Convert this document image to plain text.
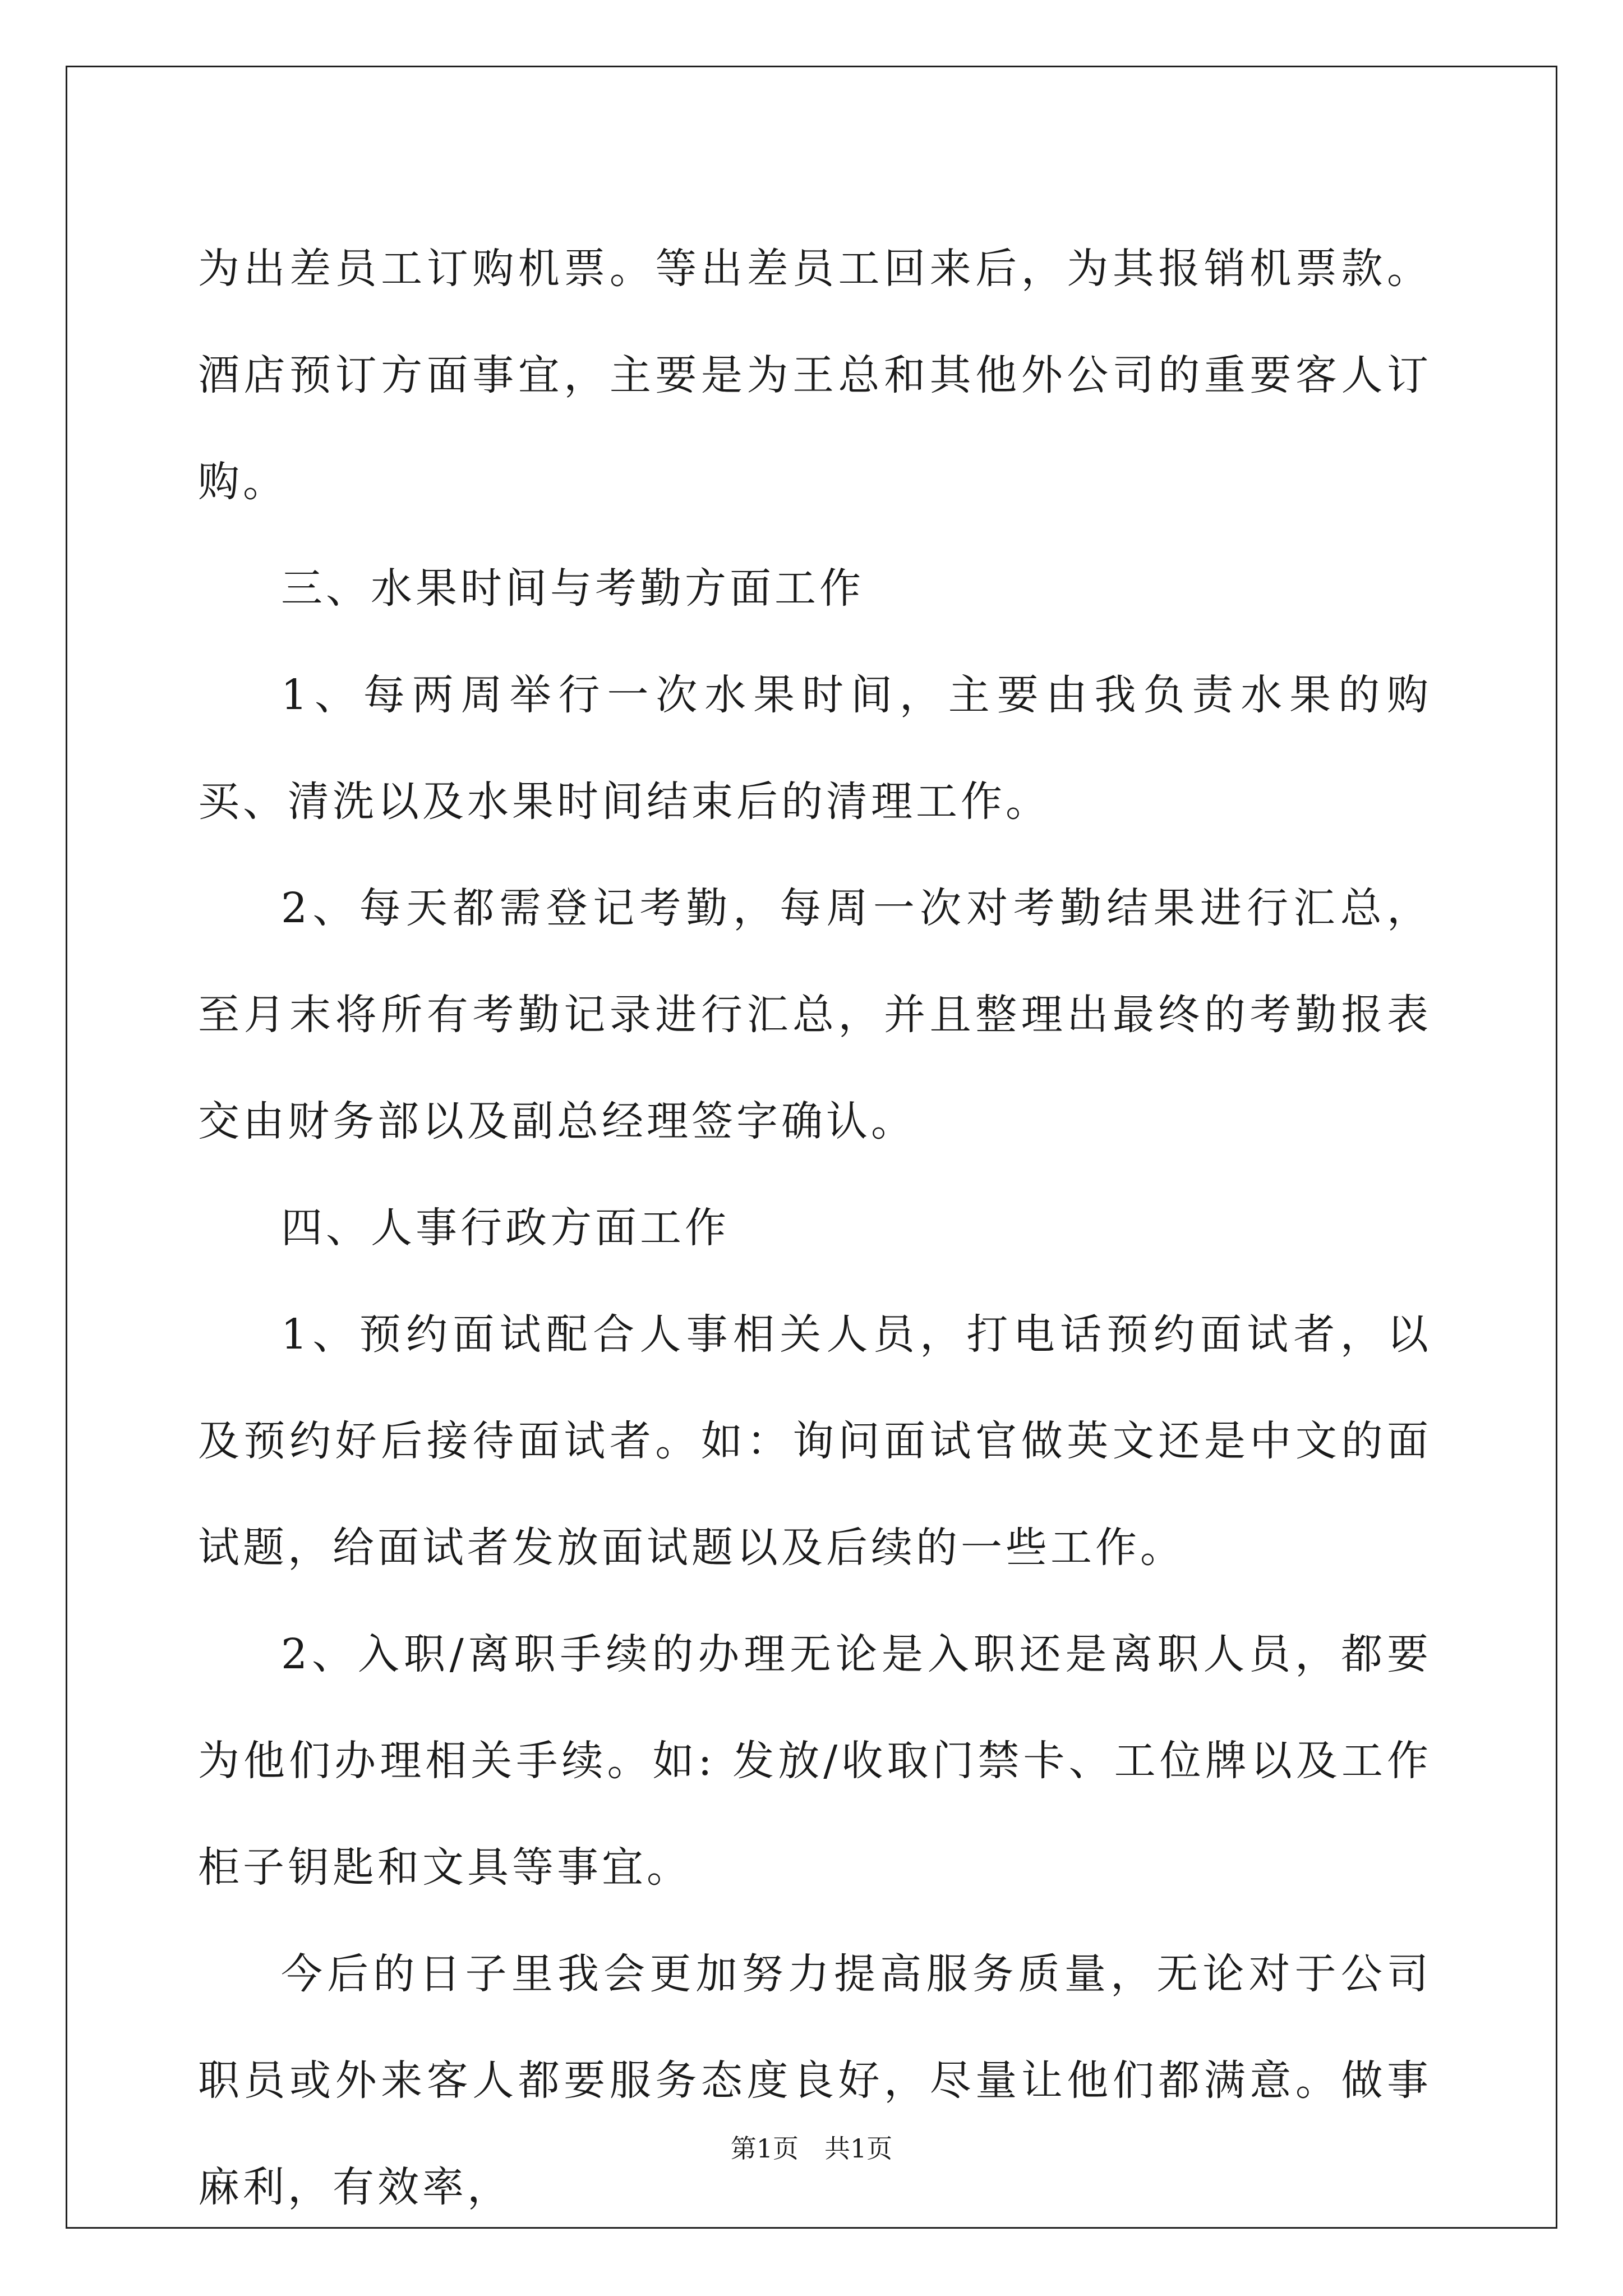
为出差员工订购机票。等出差员工回来后，为其报销机票款。酒店预订方面事宜，主要是为王总和其他外公司的重要客人订购。

三、水果时间与考勤方面工作

1、每两周举行一次水果时间，主要由我负责水果的购买、清洗以及水果时间结束后的清理工作。

2、每天都需登记考勤，每周一次对考勤结果进行汇总，至月末将所有考勤记录进行汇总，并且整理出最终的考勤报表交由财务部以及副总经理签字确认。

四、人事行政方面工作

1、预约面试配合人事相关人员，打电话预约面试者，以及预约好后接待面试者。如：询问面试官做英文还是中文的面试题，给面试者发放面试题以及后续的一些工作。

2、入职/离职手续的办理无论是入职还是离职人员，都要为他们办理相关手续。如: 发放/收取门禁卡、工位牌以及工作柜子钥匙和文具等事宜。

今后的日子里我会更加努力提高服务质量，无论对于公司职员或外来客人都要服务态度良好，尽量让他们都满意。做事麻利，有效率，

第1页　共1页
